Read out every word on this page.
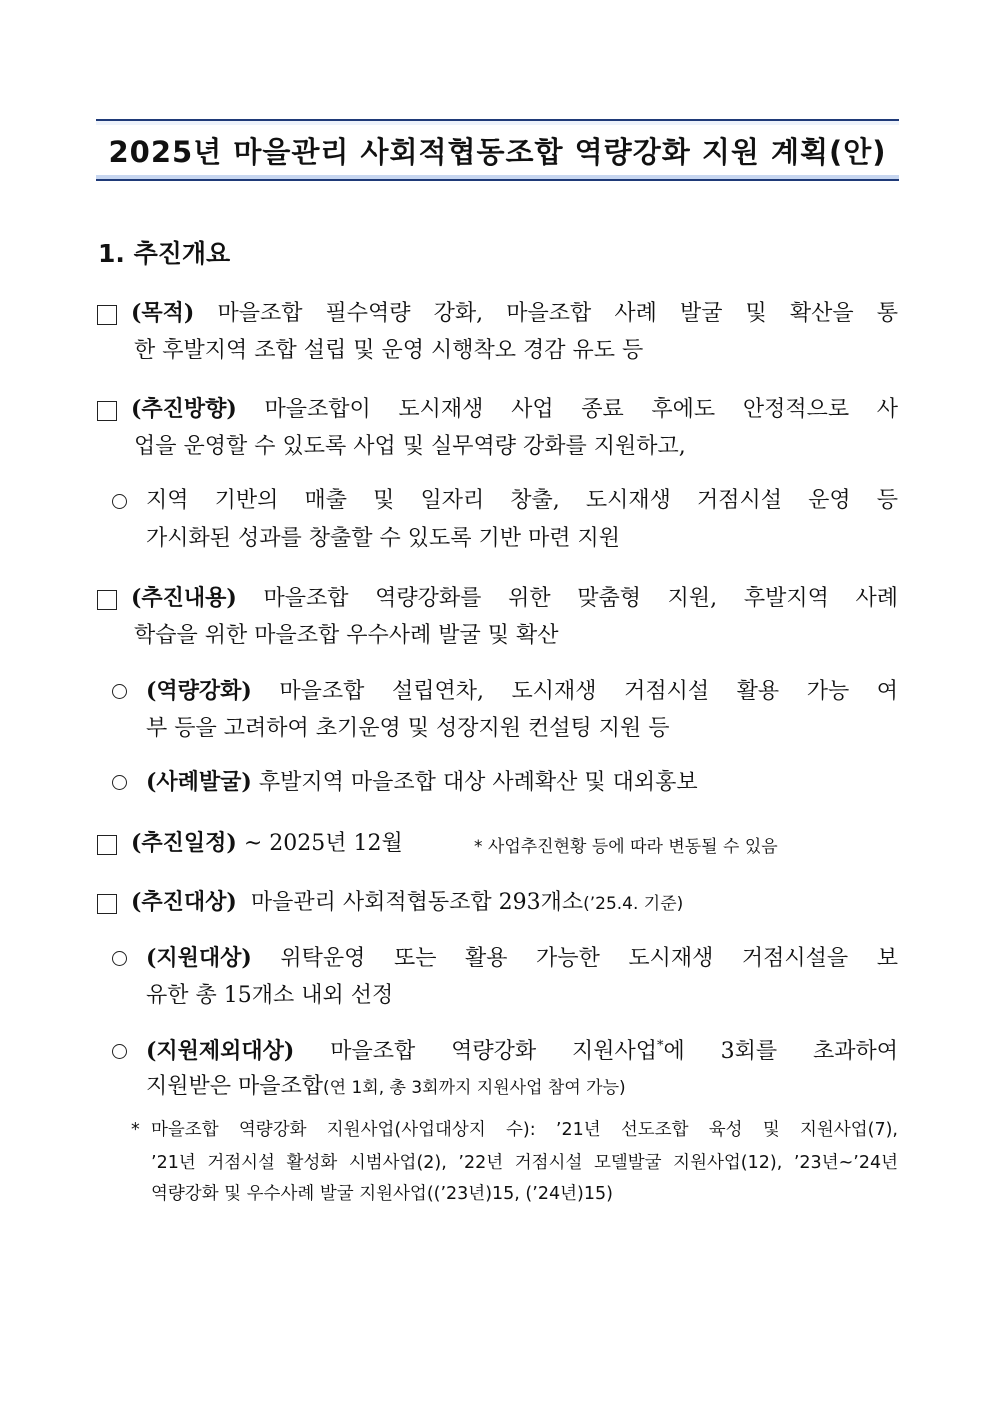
2025년 마을관리 사회적협동조합 역량강화 지원 계획(안)
1. 추진개요
(목적) 마을조합 필수역량 강화, 마을조합 사례 발굴 및 확산을 통
한 후발지역 조합 설립 및 운영 시행착오 경감 유도 등
(추진방향) 마을조합이 도시재생 사업 종료 후에도 안정적으로 사
업을 운영할 수 있도록 사업 및 실무역량 강화를 지원하고,
지역 기반의 매출 및 일자리 창출, 도시재생 거점시설 운영 등
가시화된 성과를 창출할 수 있도록 기반 마련 지원
(추진내용) 마을조합 역량강화를 위한 맞춤형 지원, 후발지역 사례
학습을 위한 마을조합 우수사례 발굴 및 확산
(역량강화) 마을조합 설립연차, 도시재생 거점시설 활용 가능 여
부 등을 고려하여 초기운영 및 성장지원 컨설팅 지원 등
(사례발굴) 후발지역 마을조합 대상 사례확산 및 대외홍보
(추진일정) ~ 2025년 12월	* 사업추진현황 등에 따라 변동될 수 있음
(추진대상) 마을관리 사회적협동조합 293개소(’25.4. 기준)
(지원대상) 위탁운영 또는 활용 가능한 도시재생 거점시설을 보
유한 총 15개소 내외 선정
(지원제외대상) 마을조합 역량강화 지원사업*에 3회를 초과하여
지원받은 마을조합(연 1회, 총 3회까지 지원사업 참여 가능)
* 마을조합 역량강화 지원사업(사업대상지 수): ’21년 선도조합 육성 및 지원사업(7),
’21년 거점시설 활성화 시범사업(2), ’22년 거점시설 모델발굴 지원사업(12), ’23년~’24년
역량강화 및 우수사례 발굴 지원사업((’23년)15, (’24년)15)
